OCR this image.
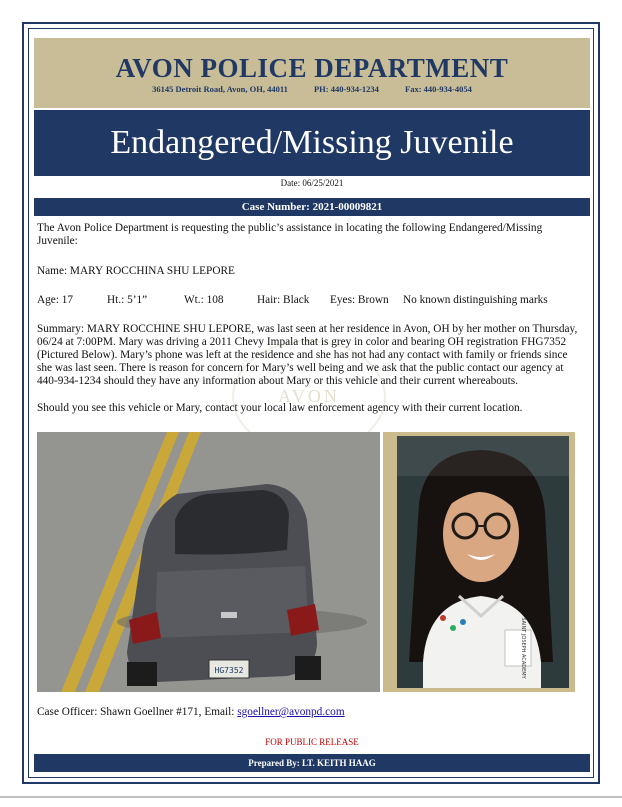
AVON POLICE DEPARTMENT
36145 Detroit Road, Avon, OH, 44011	PH: 440-934-1234	Fax: 440-934-4054
Endangered/Missing Juvenile
Date: 06/25/2021
Case Number: 2021-00009821
AVON

The Avon Police Department is requesting the public’s assistance in locating the following Endangered/Missing Juvenile:

Name: MARY ROCCHINA SHU LEPORE

Age: 17	Ht.: 5’1”	Wt.: 108	Hair: Black Eyes: Brown No known distinguishing marks

Summary: MARY ROCCHINE SHU LEPORE, was last seen at her residence in Avon, OH by her mother on Thursday, 06/24 at 7:00PM. Mary was driving a 2011 Chevy Impala that is grey in color and bearing OH registration FHG7352 (Pictured Below). Mary’s phone was left at the residence and she has not had any contact with family or friends since she was last seen. There is reason for concern for Mary’s well being and we ask that the public contact our agency at 440-934-1234 should they have any information about Mary or this vehicle and their current whereabouts.

Should you see this vehicle or Mary, contact your local law enforcement agency with their current location.

HG7352	SAINT JOSEPH ACADEMY
Case Officer: Shawn Goellner #171, Email: sgoellner@avonpd.com
FOR PUBLIC RELEASE
Prepared By: LT. KEITH HAAG
